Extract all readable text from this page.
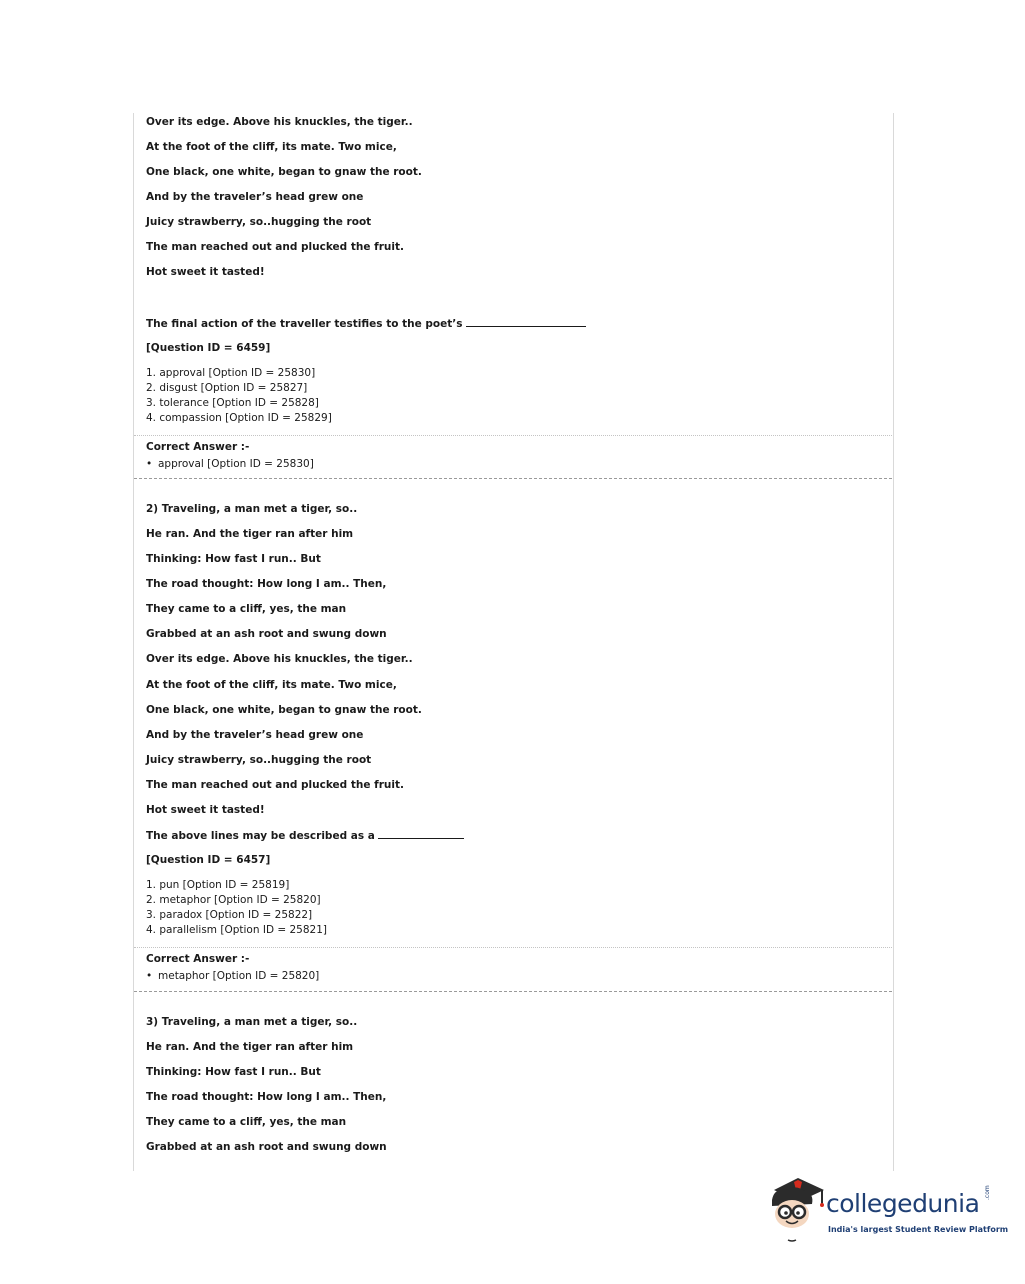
Over its edge. Above his knuckles, the tiger..
At the foot of the cliff, its mate. Two mice,
One black, one white, began to gnaw the root.
And by the traveler’s head grew one
Juicy strawberry, so..hugging the root
The man reached out and plucked the fruit.
Hot sweet it tasted!
The final action of the traveller testifies to the poet’s
[Question ID = 6459]
1. approval [Option ID = 25830]
2. disgust [Option ID = 25827]
3. tolerance [Option ID = 25828]
4. compassion [Option ID = 25829]
Correct Answer :-
• approval [Option ID = 25830]
2) Traveling, a man met a tiger, so..
He ran. And the tiger ran after him
Thinking: How fast I run.. But
The road thought: How long I am.. Then,
They came to a cliff, yes, the man
Grabbed at an ash root and swung down
Over its edge. Above his knuckles, the tiger..
At the foot of the cliff, its mate. Two mice,
One black, one white, began to gnaw the root.
And by the traveler’s head grew one
Juicy strawberry, so..hugging the root
The man reached out and plucked the fruit.
Hot sweet it tasted!
The above lines may be described as a
[Question ID = 6457]
1. pun [Option ID = 25819]
2. metaphor [Option ID = 25820]
3. paradox [Option ID = 25822]
4. parallelism [Option ID = 25821]
Correct Answer :-
• metaphor [Option ID = 25820]
3) Traveling, a man met a tiger, so..
He ran. And the tiger ran after him
Thinking: How fast I run.. But
The road thought: How long I am.. Then,
They came to a cliff, yes, the man
Grabbed at an ash root and swung down
collegedunia .com
India's largest Student Review Platform
